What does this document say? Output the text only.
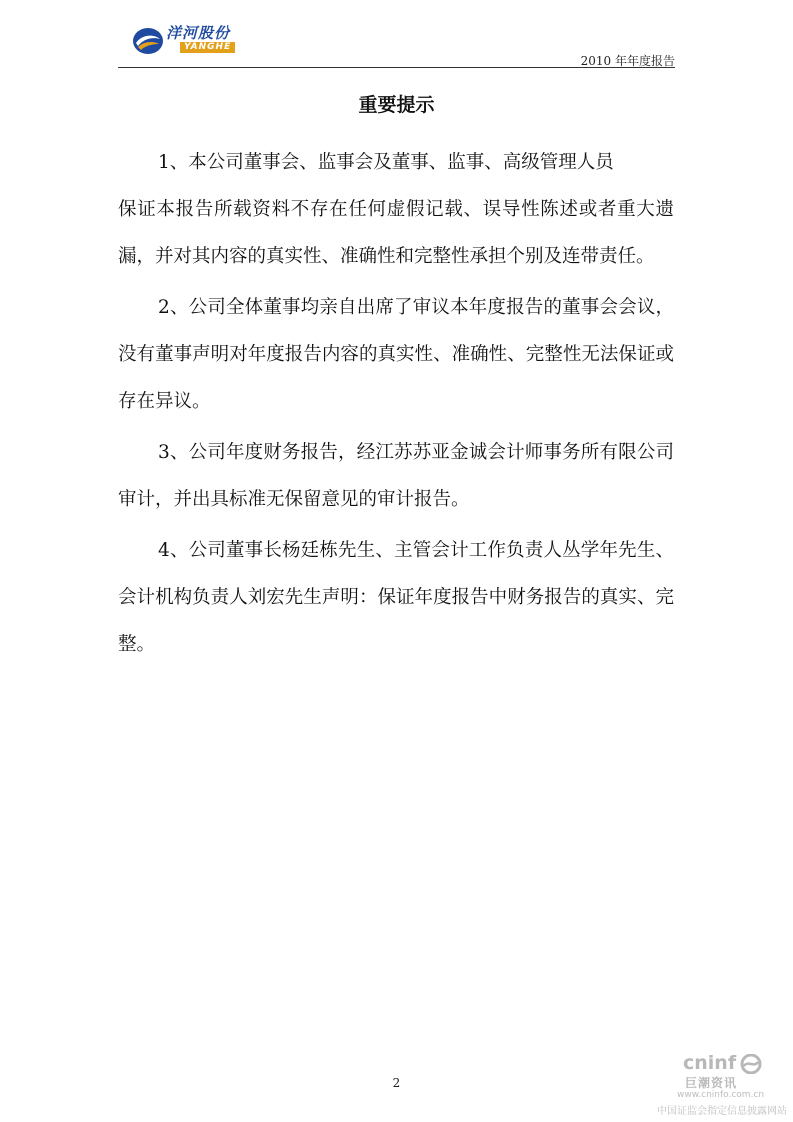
洋河股份
YANGHE
2010 年年度报告
重要提示

1、本公司董事会、监事会及董事、监事、高级管理人员

保证本报告所载资料不存在任何虚假记载、误导性陈述或者重大遗漏，并对其内容的真实性、准确性和完整性承担个别及连带责任。

2、公司全体董事均亲自出席了审议本年度报告的董事会会议，没有董事声明对年度报告内容的真实性、准确性、完整性无法保证或存在异议。

3、公司年度财务报告，经江苏苏亚金诚会计师事务所有限公司审计，并出具标准无保留意见的审计报告。

4、公司董事长杨廷栋先生、主管会计工作负责人丛学年先生、会计机构负责人刘宏先生声明：保证年度报告中财务报告的真实、完整。

2
cninf
巨潮资讯
www.cninfo.com.cn
中国证监会指定信息披露网站
